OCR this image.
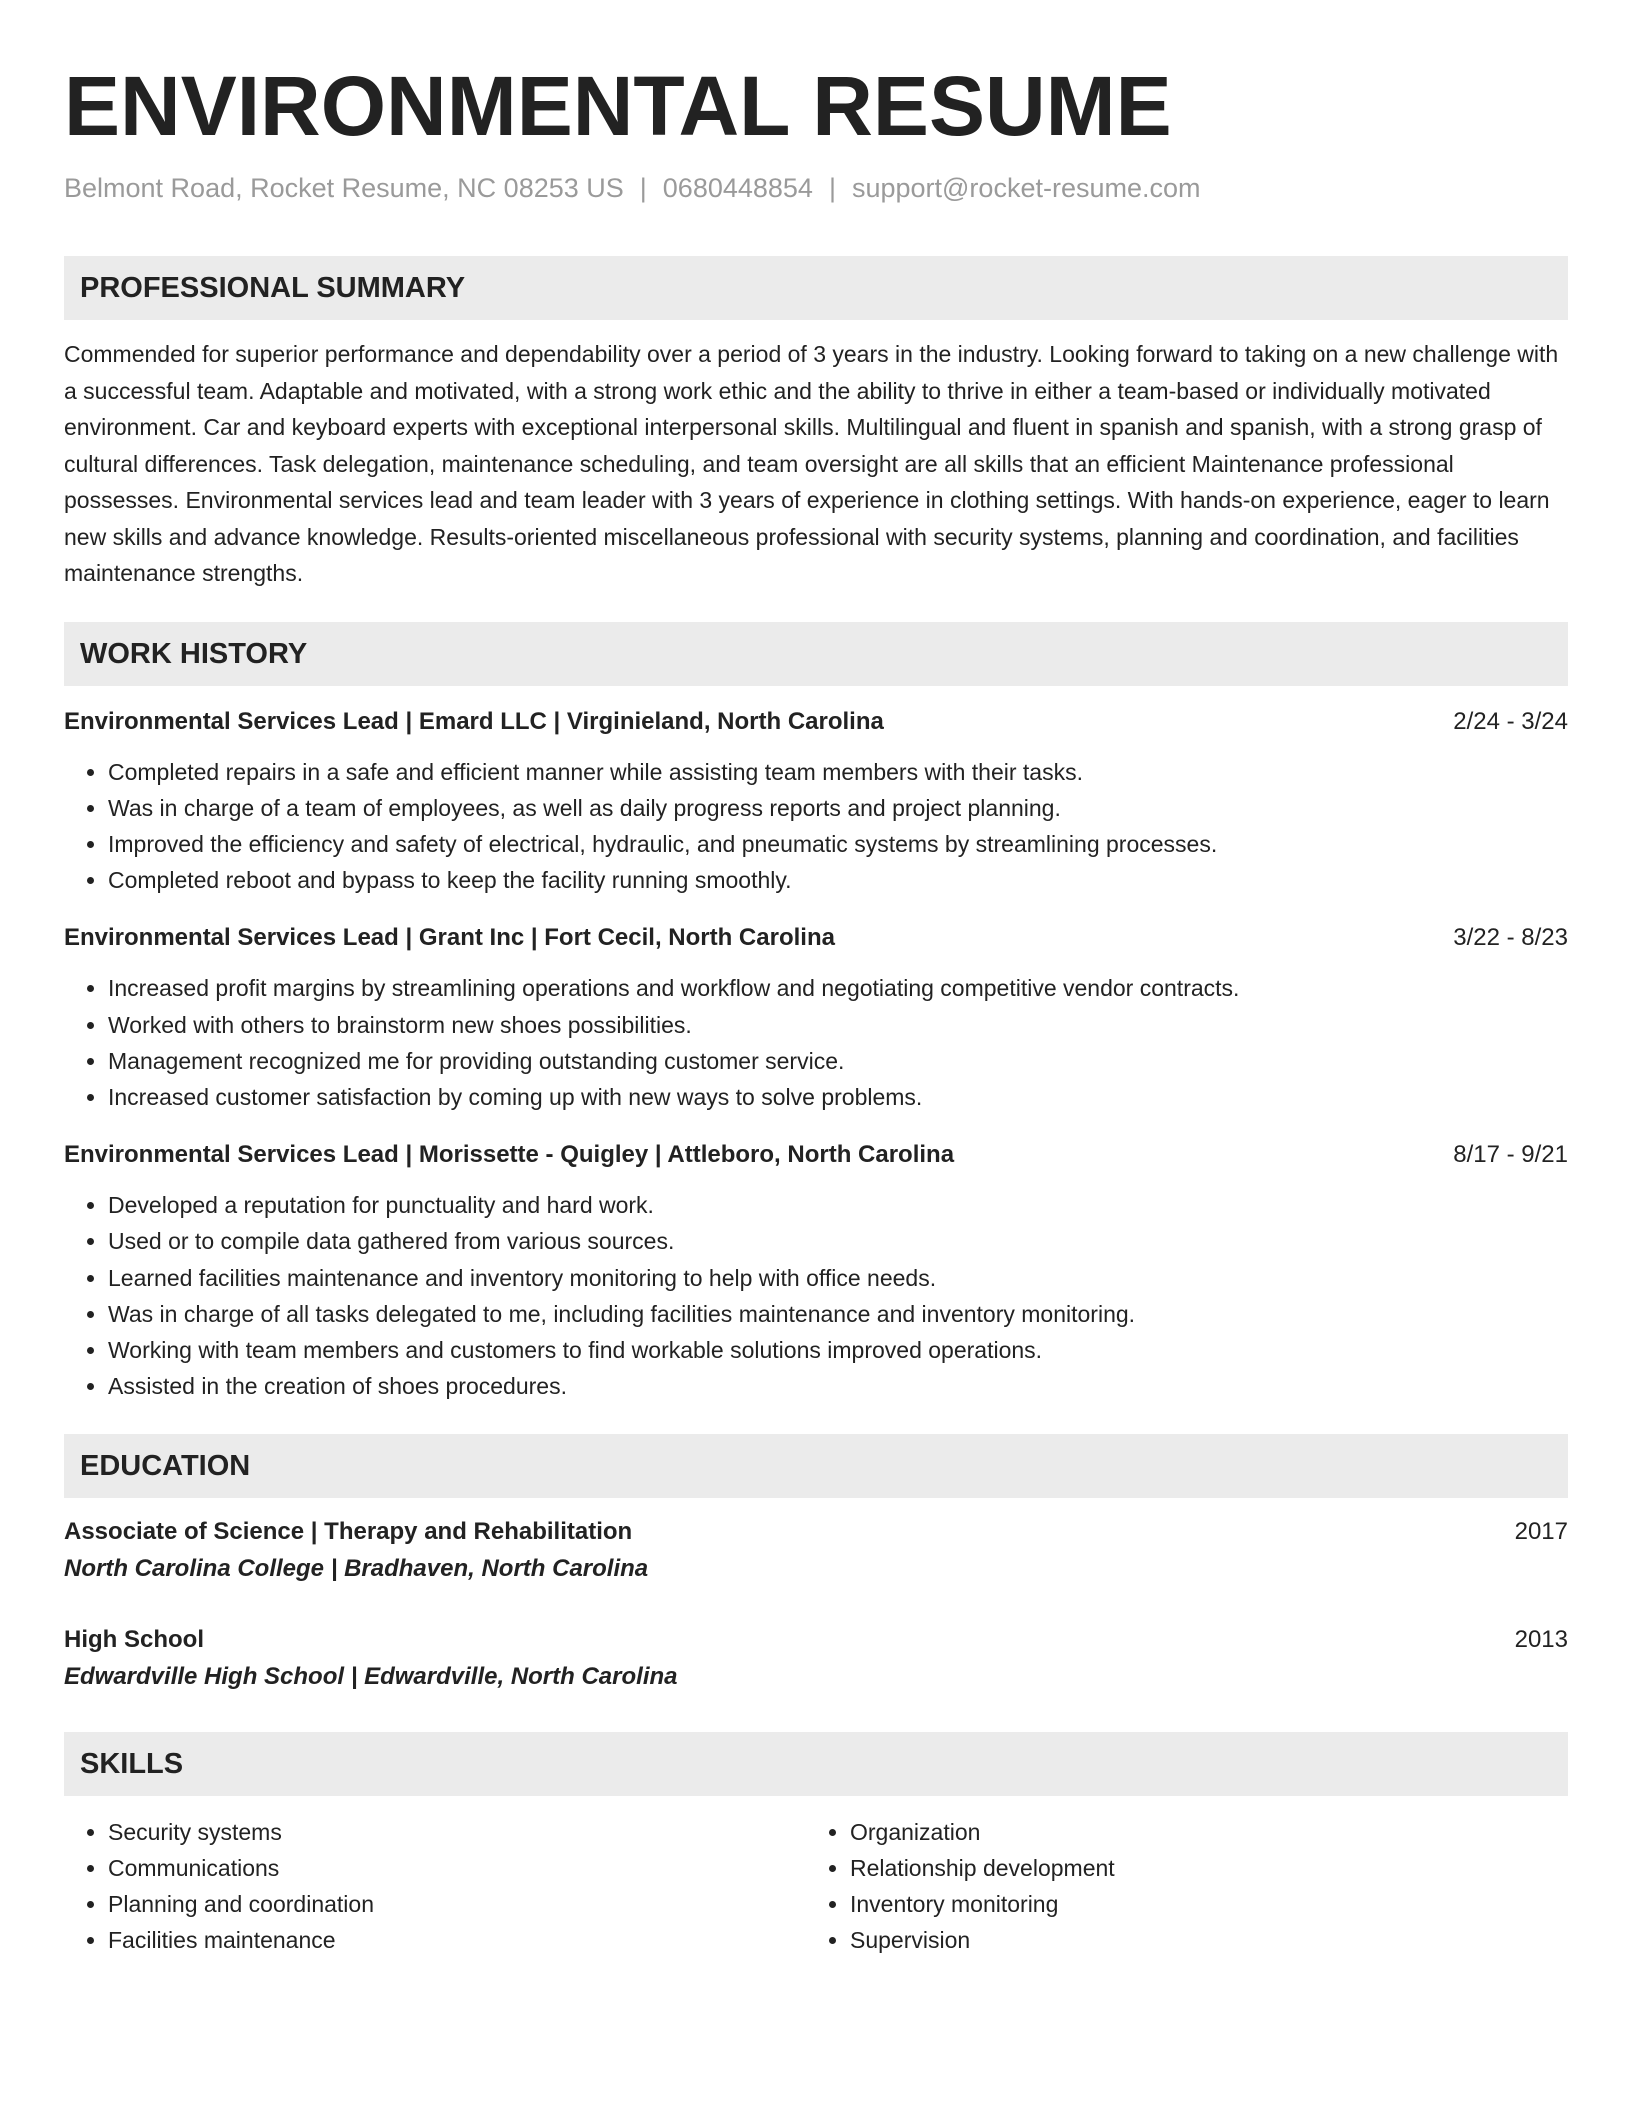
ENVIRONMENTAL RESUME
Belmont Road, Rocket Resume, NC 08253 US | 0680448854 | support@rocket-resume.com
PROFESSIONAL SUMMARY
Commended for superior performance and dependability over a period of 3 years in the industry. Looking forward to taking on a new challenge with a successful team. Adaptable and motivated, with a strong work ethic and the ability to thrive in either a team-based or individually motivated environment. Car and keyboard experts with exceptional interpersonal skills. Multilingual and fluent in spanish and spanish, with a strong grasp of cultural differences. Task delegation, maintenance scheduling, and team oversight are all skills that an efficient Maintenance professional possesses. Environmental services lead and team leader with 3 years of experience in clothing settings. With hands-on experience, eager to learn new skills and advance knowledge. Results-oriented miscellaneous professional with security systems, planning and coordination, and facilities maintenance strengths.
WORK HISTORY
Environmental Services Lead | Emard LLC | Virginieland, North Carolina	2/24 - 3/24
• Completed repairs in a safe and efficient manner while assisting team members with their tasks.
• Was in charge of a team of employees, as well as daily progress reports and project planning.
• Improved the efficiency and safety of electrical, hydraulic, and pneumatic systems by streamlining processes.
• Completed reboot and bypass to keep the facility running smoothly.
Environmental Services Lead | Grant Inc | Fort Cecil, North Carolina	3/22 - 8/23
• Increased profit margins by streamlining operations and workflow and negotiating competitive vendor contracts.
• Worked with others to brainstorm new shoes possibilities.
• Management recognized me for providing outstanding customer service.
• Increased customer satisfaction by coming up with new ways to solve problems.
Environmental Services Lead | Morissette - Quigley | Attleboro, North Carolina	8/17 - 9/21
• Developed a reputation for punctuality and hard work.
• Used or to compile data gathered from various sources.
• Learned facilities maintenance and inventory monitoring to help with office needs.
• Was in charge of all tasks delegated to me, including facilities maintenance and inventory monitoring.
• Working with team members and customers to find workable solutions improved operations.
• Assisted in the creation of shoes procedures.
EDUCATION
Associate of Science | Therapy and Rehabilitation	2017
North Carolina College | Bradhaven, North Carolina
High School	2013
Edwardville High School | Edwardville, North Carolina
SKILLS
• Security systems
• Communications
• Planning and coordination
• Facilities maintenance
• Organization
• Relationship development
• Inventory monitoring
• Supervision
